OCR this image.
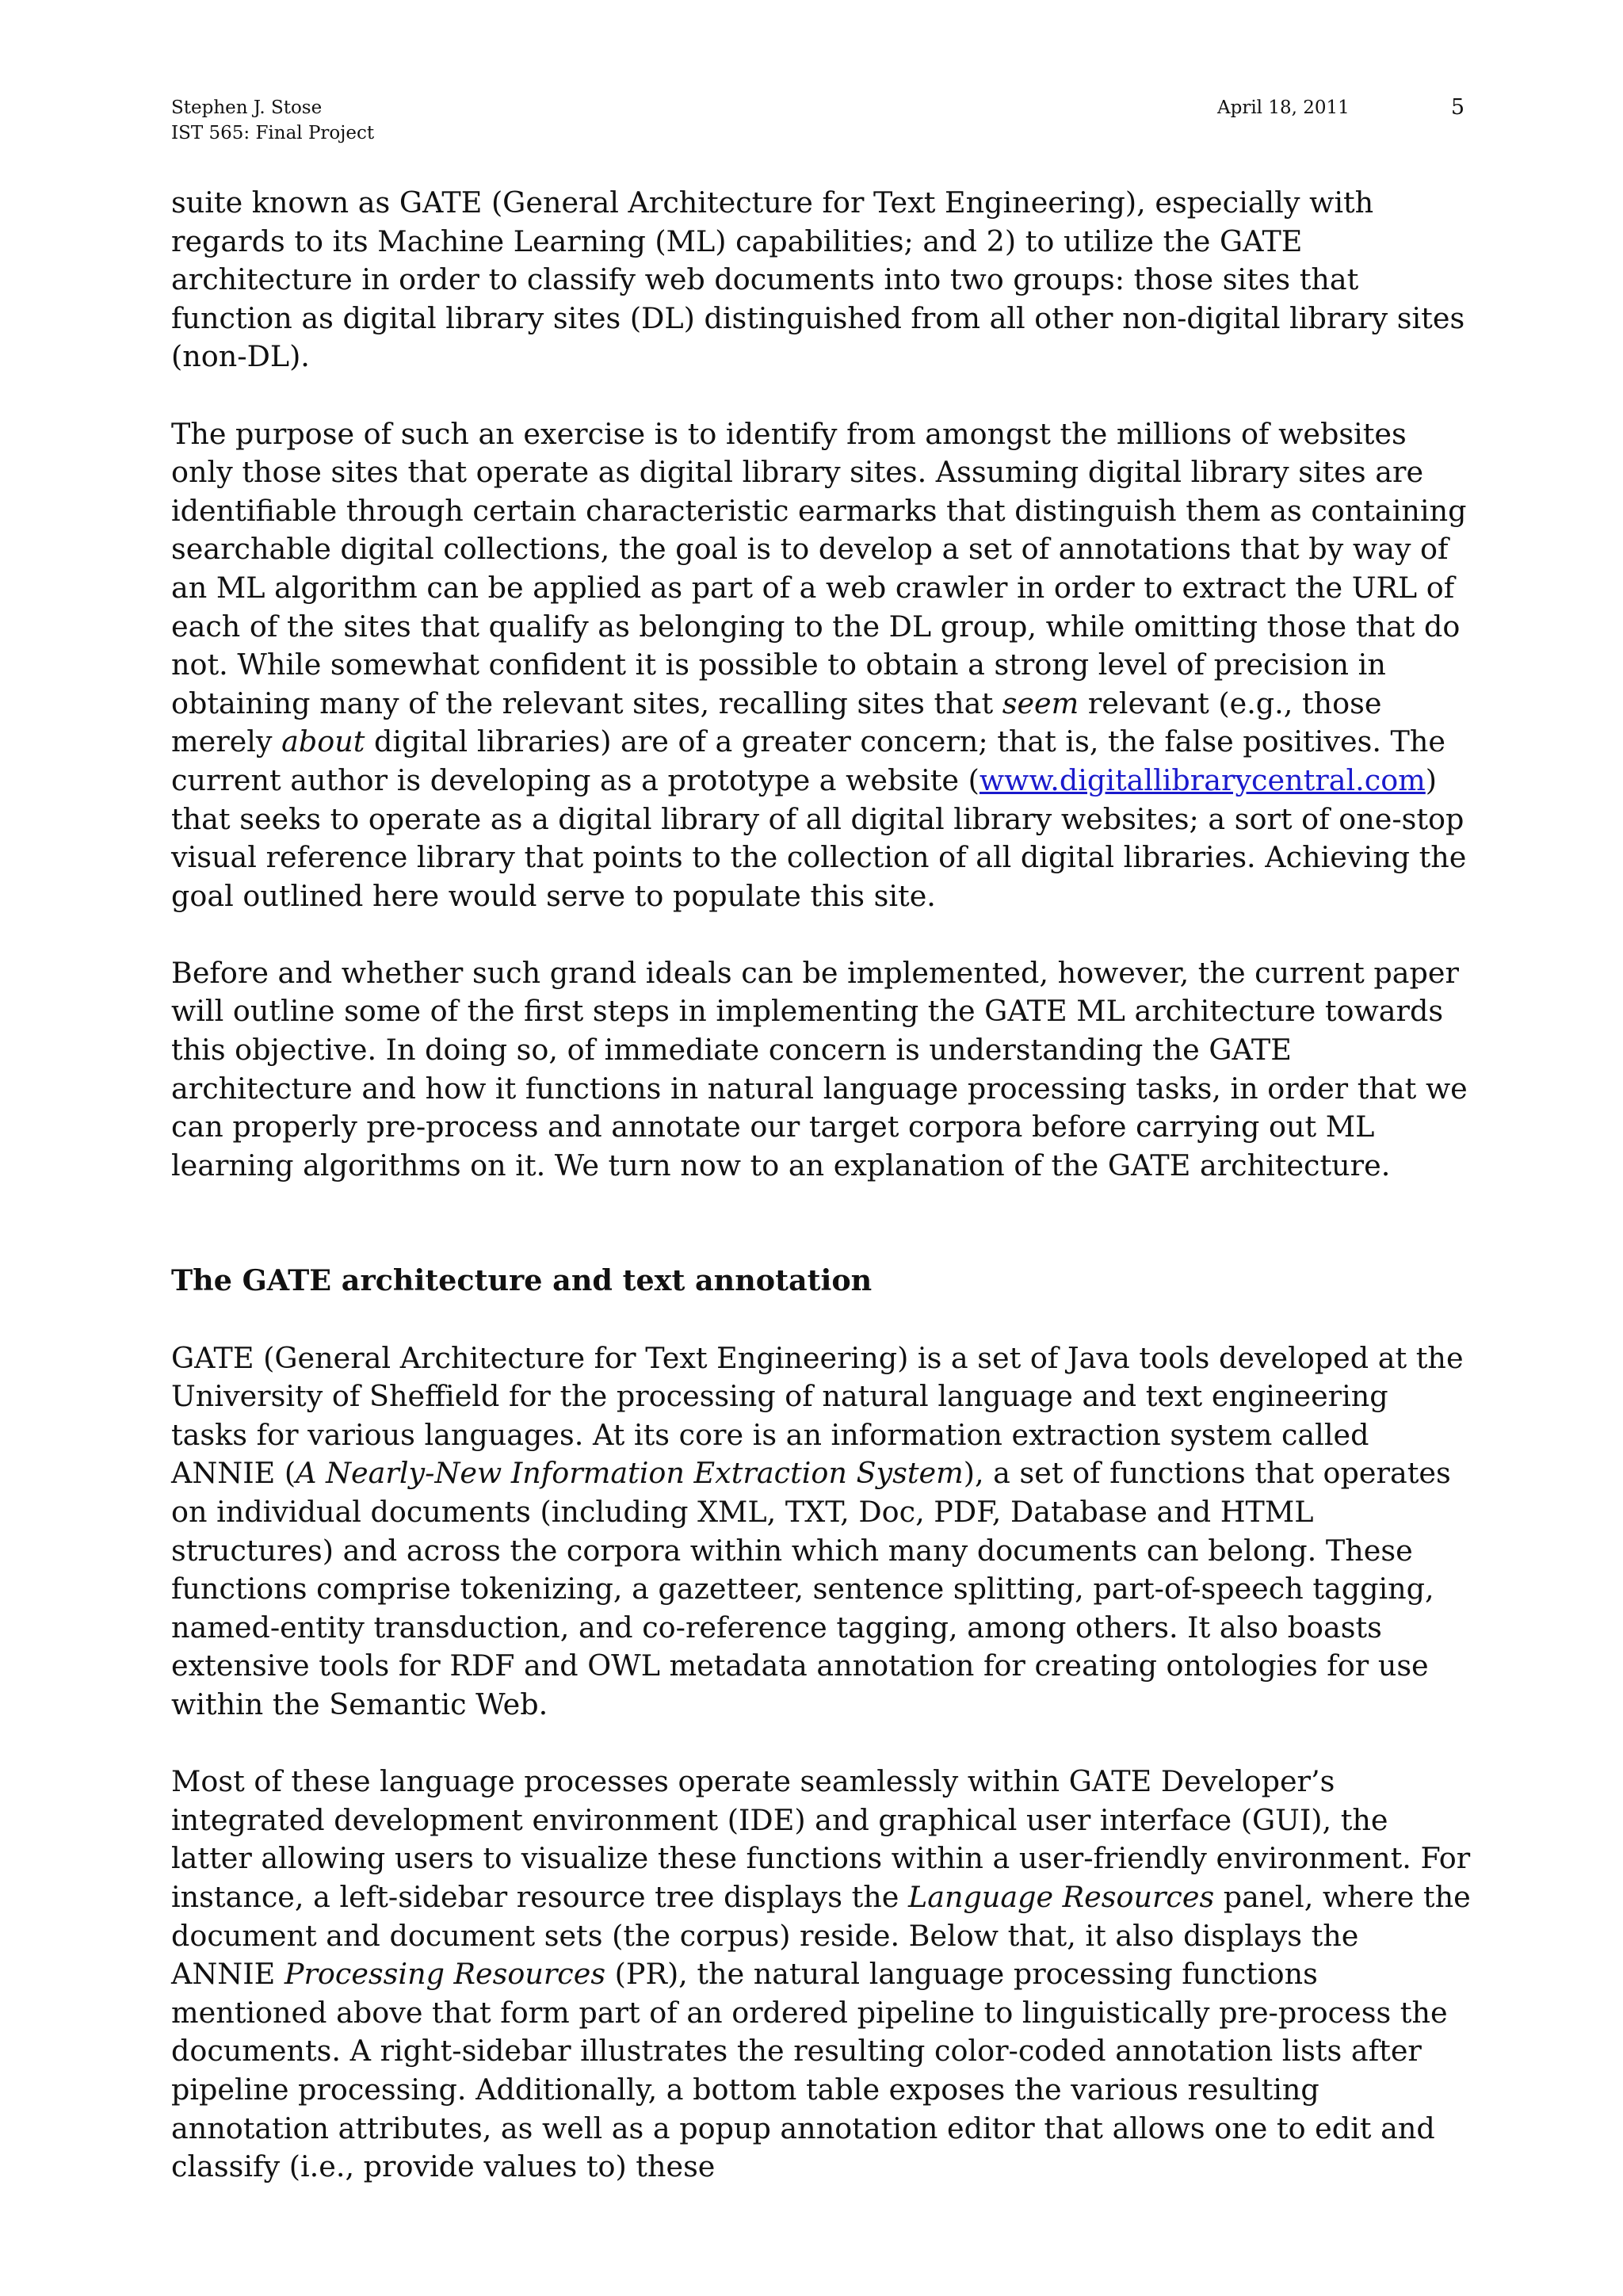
Stephen J. Stose
IST 565: Final Project
April 18, 2011	5

suite known as GATE (General Architecture for Text Engineering), especially with regards to its Machine Learning (ML) capabilities; and 2) to utilize the GATE architecture in order to classify web documents into two groups: those sites that function as digital library sites (DL) distinguished from all other non-digital library sites (non-DL).

The purpose of such an exercise is to identify from amongst the millions of websites only those sites that operate as digital library sites. Assuming digital library sites are identifiable through certain characteristic earmarks that distinguish them as containing searchable digital collections, the goal is to develop a set of annotations that by way of an ML algorithm can be applied as part of a web crawler in order to extract the URL of each of the sites that qualify as belonging to the DL group, while omitting those that do not. While somewhat confident it is possible to obtain a strong level of precision in obtaining many of the relevant sites, recalling sites that seem relevant (e.g., those merely about digital libraries) are of a greater concern; that is, the false positives. The current author is developing as a prototype a website (www.digitallibrarycentral.com) that seeks to operate as a digital library of all digital library websites; a sort of one-stop visual reference library that points to the collection of all digital libraries. Achieving the goal outlined here would serve to populate this site.

Before and whether such grand ideals can be implemented, however, the current paper will outline some of the first steps in implementing the GATE ML architecture towards this objective. In doing so, of immediate concern is understanding the GATE architecture and how it functions in natural language processing tasks, in order that we can properly pre-process and annotate our target corpora before carrying out ML learning algorithms on it. We turn now to an explanation of the GATE architecture.

The GATE architecture and text annotation

GATE (General Architecture for Text Engineering) is a set of Java tools developed at the University of Sheffield for the processing of natural language and text engineering tasks for various languages. At its core is an information extraction system called ANNIE (A Nearly-New Information Extraction System), a set of functions that operates on individual documents (including XML, TXT, Doc, PDF, Database and HTML structures) and across the corpora within which many documents can belong. These functions comprise tokenizing, a gazetteer, sentence splitting, part-of-speech tagging, named-entity transduction, and co-reference tagging, among others. It also boasts extensive tools for RDF and OWL metadata annotation for creating ontologies for use within the Semantic Web.

Most of these language processes operate seamlessly within GATE Developer’s integrated development environment (IDE) and graphical user interface (GUI), the latter allowing users to visualize these functions within a user-friendly environment. For instance, a left-sidebar resource tree displays the Language Resources panel, where the document and document sets (the corpus) reside. Below that, it also displays the ANNIE Processing Resources (PR), the natural language processing functions mentioned above that form part of an ordered pipeline to linguistically pre-process the documents. A right-sidebar illustrates the resulting color-coded annotation lists after pipeline processing. Additionally, a bottom table exposes the various resulting annotation attributes, as well as a popup annotation editor that allows one to edit and classify (i.e., provide values to) these
